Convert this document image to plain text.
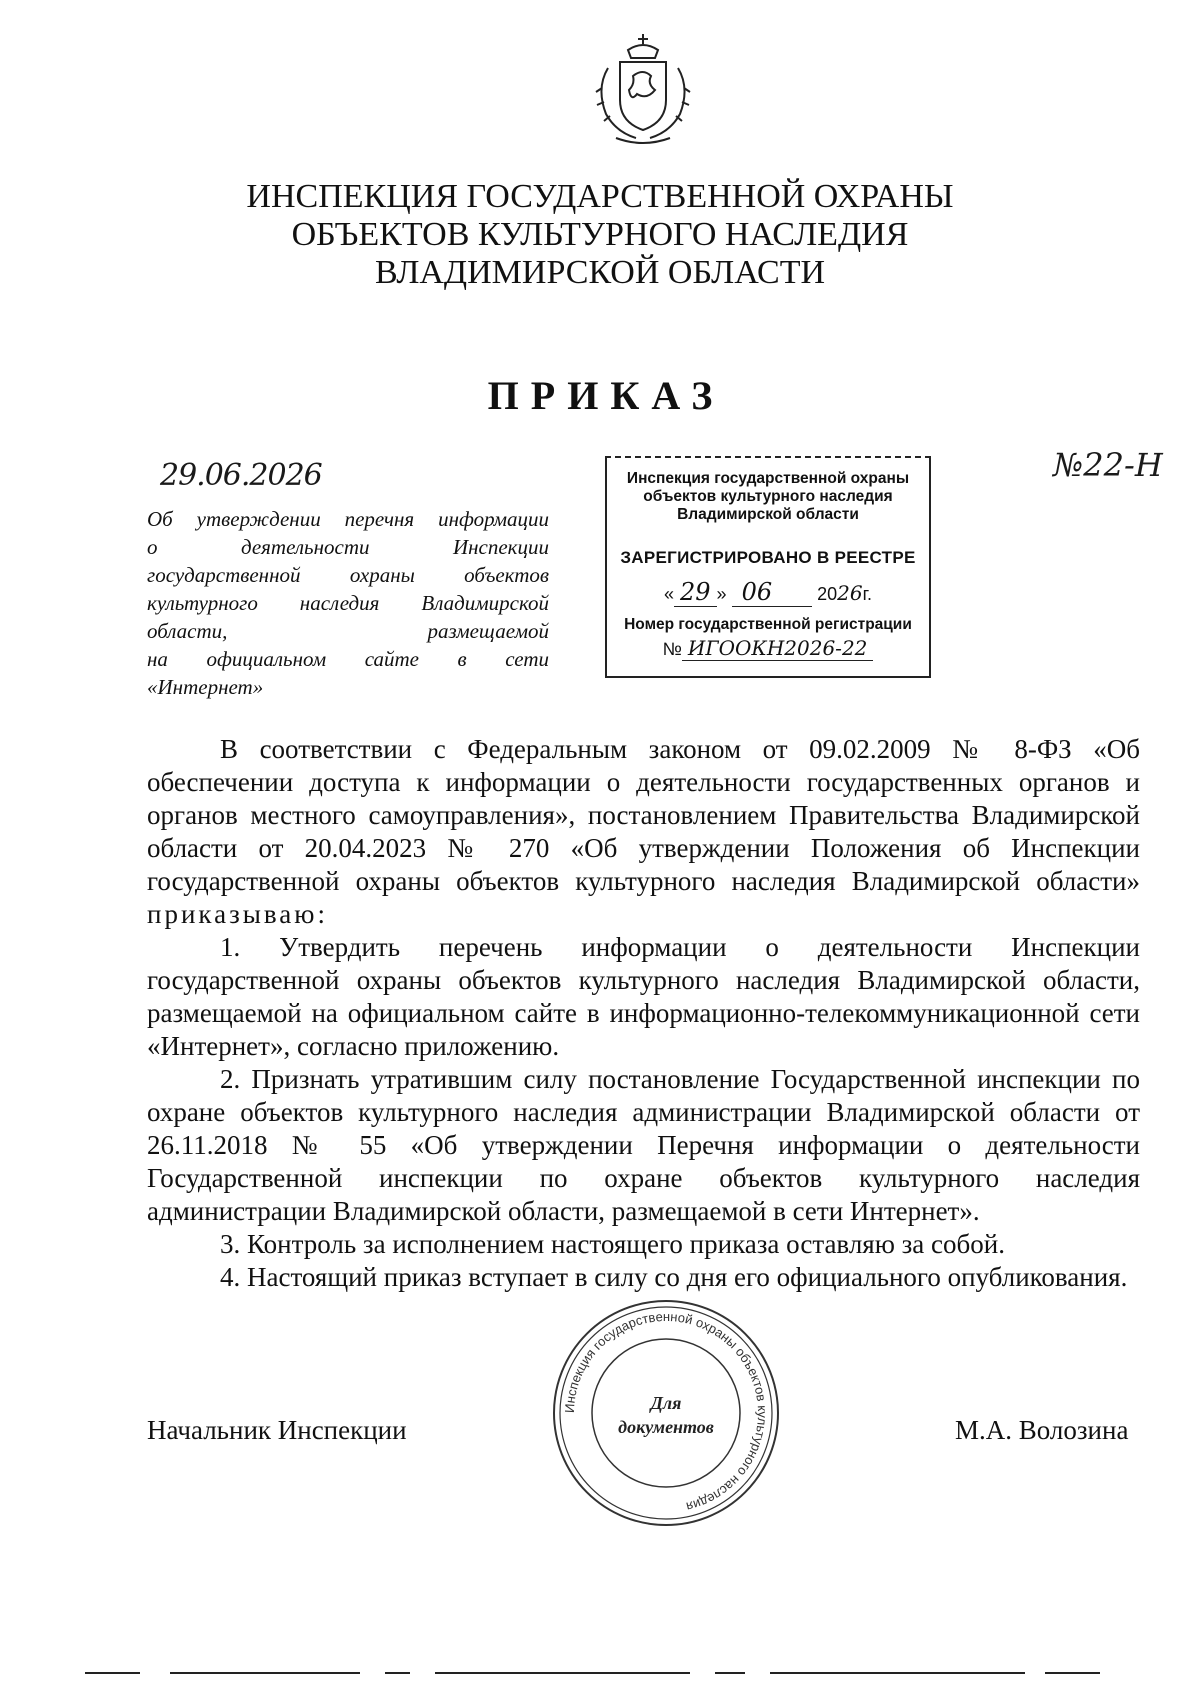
ИНСПЕКЦИЯ ГОСУДАРСТВЕННОЙ ОХРАНЫ
ОБЪЕКТОВ КУЛЬТУРНОГО НАСЛЕДИЯ
ВЛАДИМИРСКОЙ ОБЛАСТИ
ПРИКАЗ
29.06.2026	№22-Н
Об утверждении перечня информации
о деятельности Инспекции
государственной охраны объектов
культурного наследия Владимирской
области, размещаемой
на официальном сайте в сети
«Интернет»
Инспекция государственной охраны
объектов культурного наследия
Владимирской области
ЗАРЕГИСТРИРОВАНО В РЕЕСТРЕ
« 29 » 06	2026г.
Номер государственной регистрации
№ ИГООКН2026-22

В соответствии с Федеральным законом от 09.02.2009 № 8-ФЗ «Об обеспечении доступа к информации о деятельности государственных органов и органов местного самоуправления», постановлением Правительства Владимирской области от 20.04.2023 № 270 «Об утверждении Положения об Инспекции государственной охраны объектов культурного наследия Владимирской области» приказываю:

1. Утвердить перечень информации о деятельности Инспекции государственной охраны объектов культурного наследия Владимирской области, размещаемой на официальном сайте в информационно-телекоммуникационной сети «Интернет», согласно приложению.

2. Признать утратившим силу постановление Государственной инспекции по охране объектов культурного наследия администрации Владимирской области от 26.11.2018 № 55 «Об утверждении Перечня информации о деятельности Государственной инспекции по охране объектов культурного наследия администрации Владимирской области, размещаемой в сети Интернет».

3. Контроль за исполнением настоящего приказа оставляю за собой.

4. Настоящий приказ вступает в силу со дня его официального опубликования.

Начальник Инспекции	М.А. Волозина
Инспекция государственной охраны объектов культурного наследия
Для
документов
